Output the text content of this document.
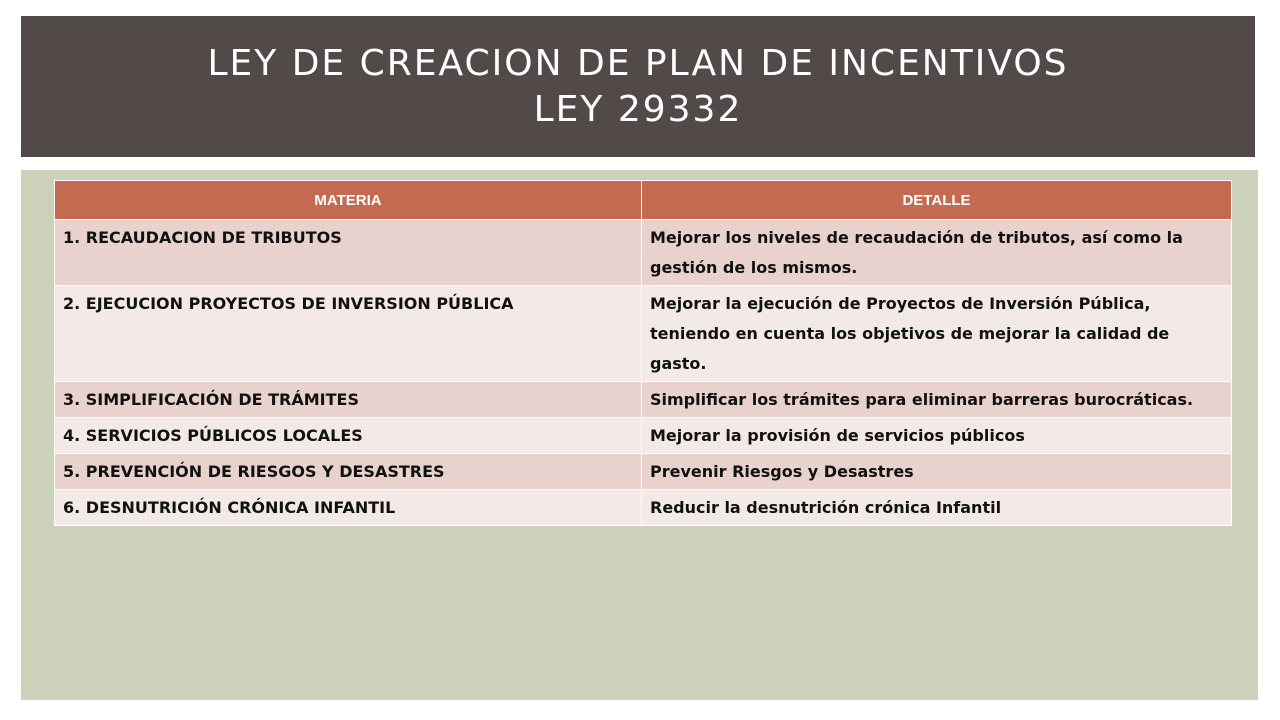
LEY DE CREACION DE PLAN DE INCENTIVOS
LEY 29332
MATERIA	DETALLE
1. RECAUDACION DE TRIBUTOS	Mejorar los niveles de recaudación de tributos, así como la gestión de los mismos.
2. EJECUCION PROYECTOS DE INVERSION PÚBLICA	Mejorar la ejecución de Proyectos de Inversión Pública, teniendo en cuenta los objetivos de mejorar la calidad de gasto.
3. SIMPLIFICACIÓN DE TRÁMITES	Simplificar los trámites para eliminar barreras burocráticas.
4. SERVICIOS PÚBLICOS LOCALES	Mejorar la provisión de servicios públicos
5. PREVENCIÓN DE RIESGOS Y DESASTRES	Prevenir Riesgos y Desastres
6. DESNUTRICIÓN CRÓNICA INFANTIL	Reducir la desnutrición crónica Infantil
